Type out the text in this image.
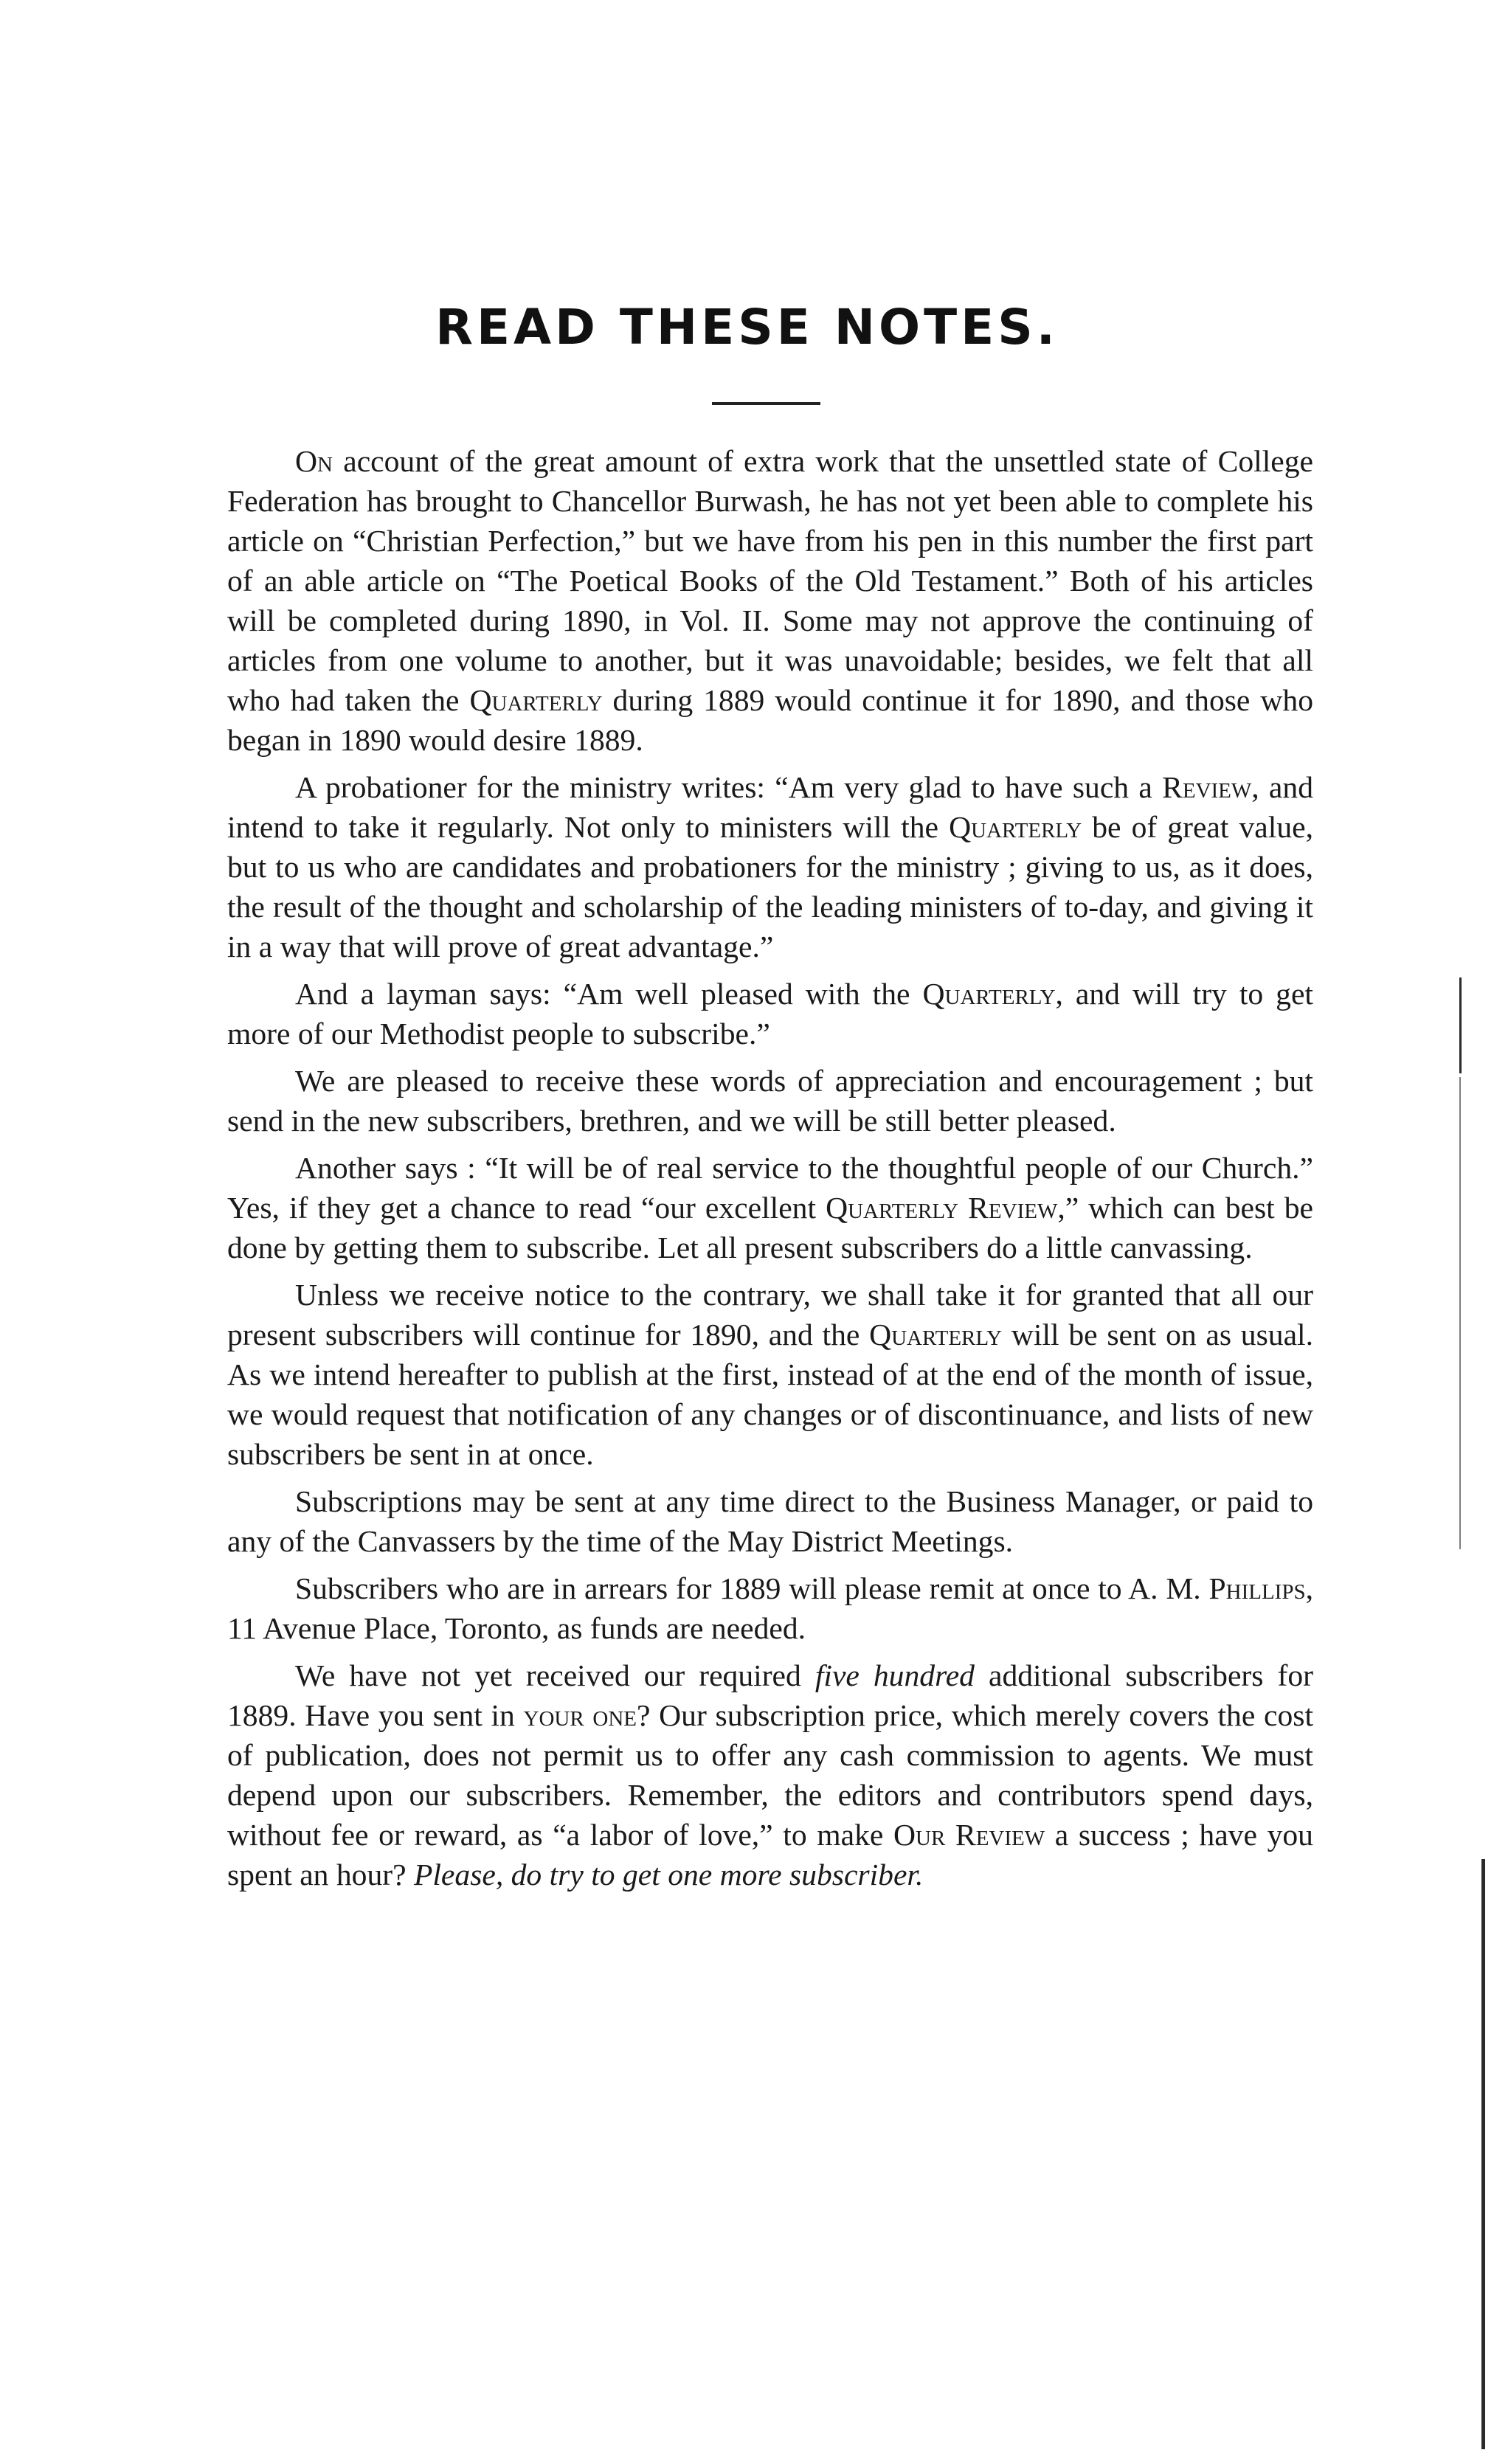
READ THESE NOTES.

On account of the great amount of extra work that the unsettled state of College Federation has brought to Chancellor Burwash, he has not yet been able to complete his article on “Christian Perfection,” but we have from his pen in this number the first part of an able article on “The Poetical Books of the Old Testament.” Both of his articles will be completed during 1890, in Vol. II. Some may not approve the continuing of articles from one volume to another, but it was unavoidable; besides, we felt that all who had taken the Quarterly during 1889 would continue it for 1890, and those who began in 1890 would desire 1889.

A probationer for the ministry writes: “Am very glad to have such a Review, and intend to take it regularly. Not only to ministers will the Quarterly be of great value, but to us who are candidates and probationers for the ministry ; giving to us, as it does, the result of the thought and scholarship of the leading ministers of to-day, and giving it in a way that will prove of great advantage.”

And a layman says: “Am well pleased with the Quarterly, and will try to get more of our Methodist people to subscribe.”

We are pleased to receive these words of appreciation and encouragement ; but send in the new subscribers, brethren, and we will be still better pleased.

Another says : “It will be of real service to the thoughtful people of our Church.” Yes, if they get a chance to read “our excellent Quarterly Review,” which can best be done by getting them to subscribe. Let all present subscribers do a little canvassing.

Unless we receive notice to the contrary, we shall take it for granted that all our present subscribers will continue for 1890, and the Quarterly will be sent on as usual. As we intend hereafter to publish at the first, instead of at the end of the month of issue, we would request that notification of any changes or of discontinuance, and lists of new subscribers be sent in at once.

Subscriptions may be sent at any time direct to the Business Manager, or paid to any of the Canvassers by the time of the May District Meetings.

Subscribers who are in arrears for 1889 will please remit at once to A. M. Phillips, 11 Avenue Place, Toronto, as funds are needed.

We have not yet received our required five hundred additional subscribers for 1889. Have you sent in your one? Our subscription price, which merely covers the cost of publication, does not permit us to offer any cash commission to agents. We must depend upon our subscribers. Remember, the editors and contributors spend days, without fee or reward, as “a labor of love,” to make Our Review a success ; have you spent an hour? Please, do try to get one more subscriber.
